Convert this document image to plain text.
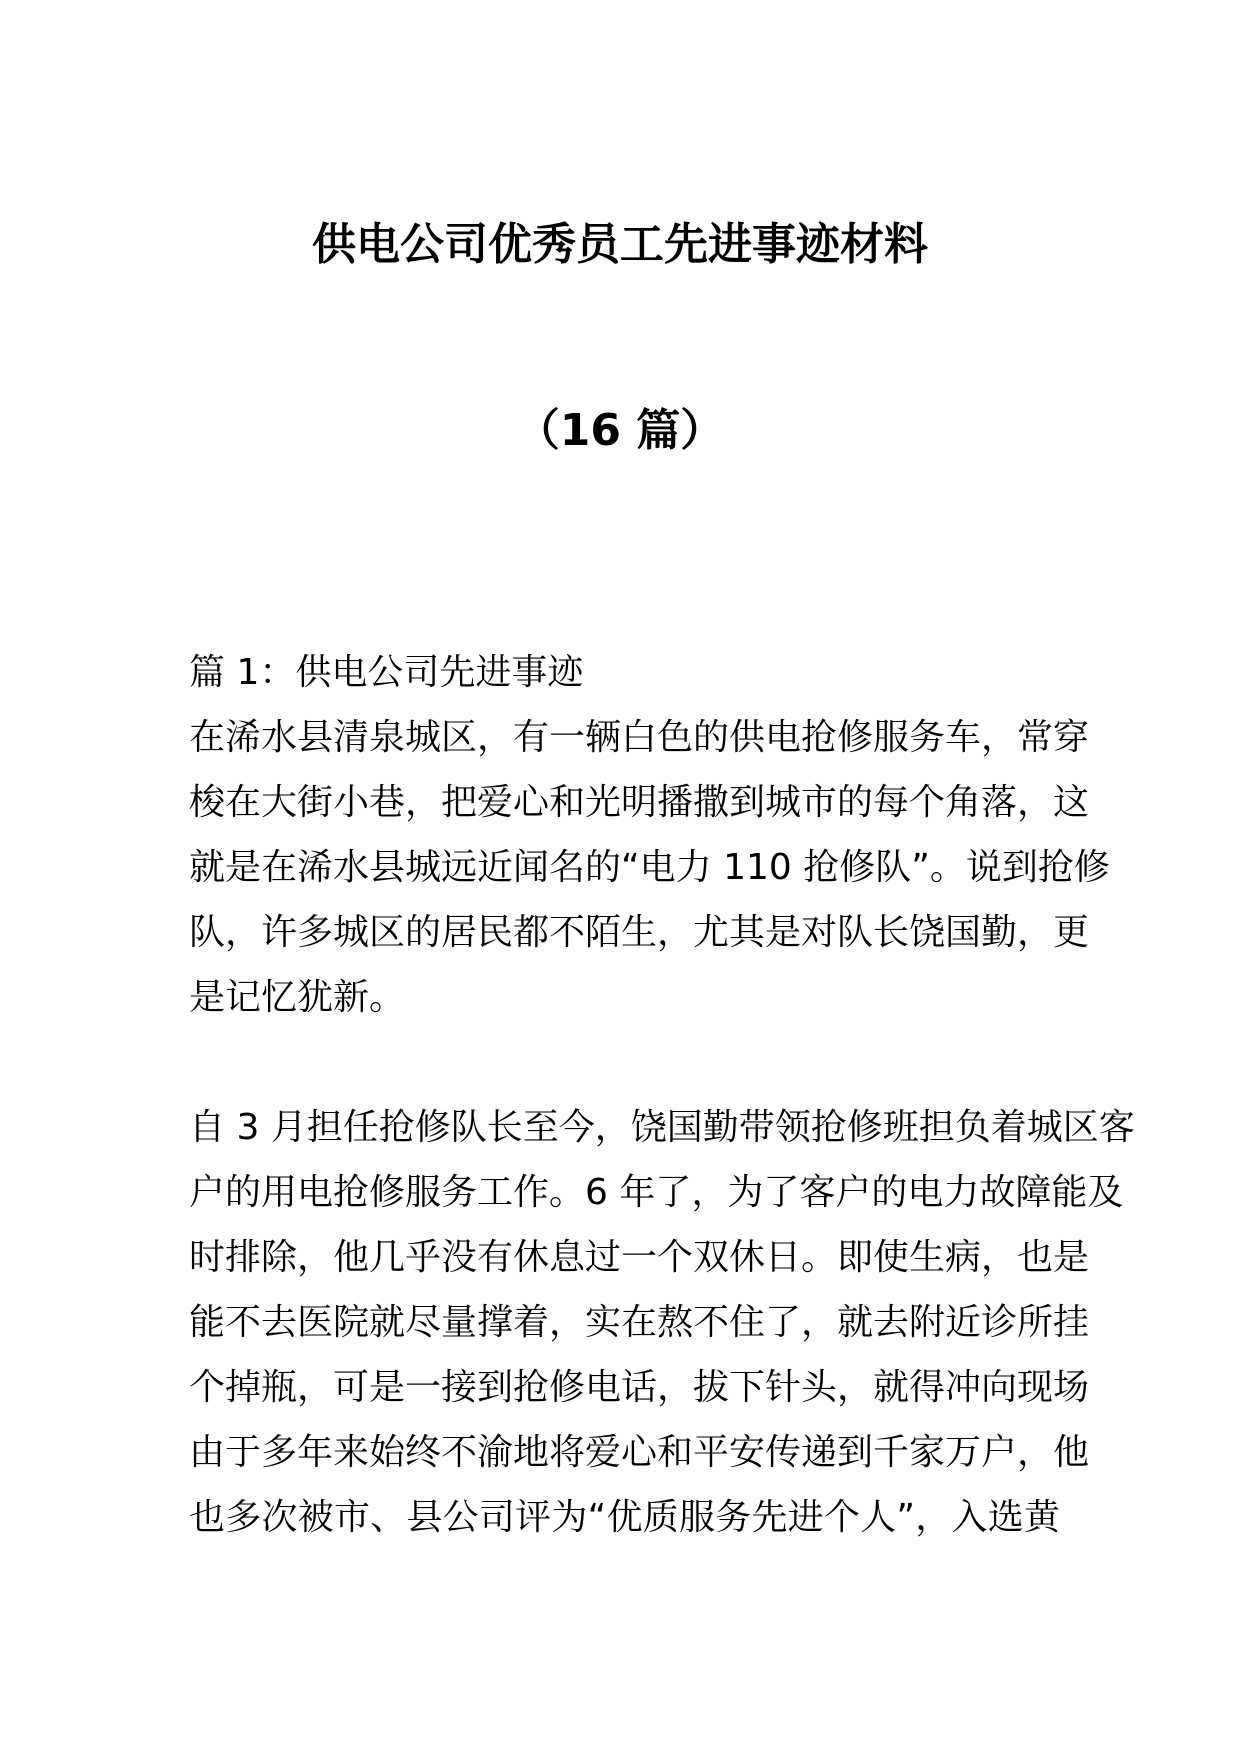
供电公司优秀员工先进事迹材料
（16 篇）
篇 1：供电公司先进事迹
在浠水县清泉城区，有一辆白色的供电抢修服务车，常穿
梭在大街小巷，把爱心和光明播撒到城市的每个角落，这
就是在浠水县城远近闻名的“电力 110 抢修队”。说到抢修
队，许多城区的居民都不陌生，尤其是对队长饶国勤，更
是记忆犹新。
自 3 月担任抢修队长至今，饶国勤带领抢修班担负着城区客
户的用电抢修服务工作。6 年了，为了客户的电力故障能及
时排除，他几乎没有休息过一个双休日。即使生病，也是
能不去医院就尽量撑着，实在熬不住了，就去附近诊所挂
个掉瓶，可是一接到抢修电话，拔下针头，就得冲向现场
由于多年来始终不渝地将爱心和平安传递到千家万户，他
也多次被市、县公司评为“优质服务先进个人”，入选黄
